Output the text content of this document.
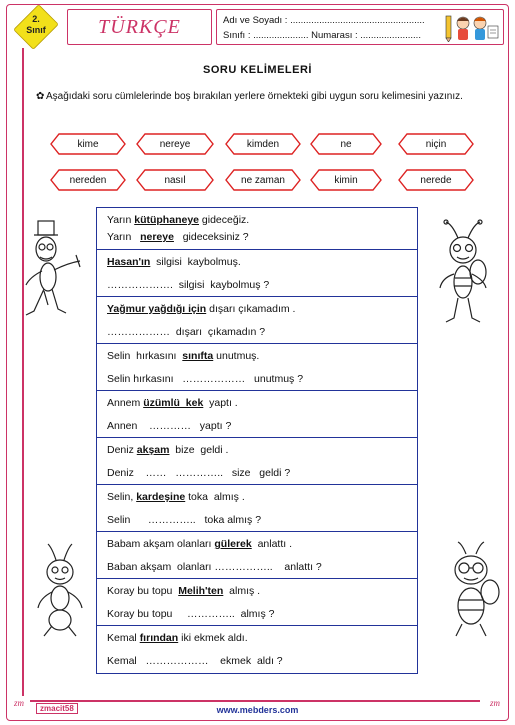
2.
Sınıf	TÜRKÇE	Adı ve Soyadı : ...................................................
Sınıfı : ..................... Numarası : .......................
SORU KELİMELERİ
✿ Aşağıdaki soru cümlelerinde boş bırakılan yerlere örnekteki gibi uygun soru kelimesini yazınız.
kime	nereye	kimden	ne	niçin
nereden	nasıl	ne zaman	kimin	nerede
Yarın kütüphaneye gideceğiz.
Yarın   nereye   gideceksiniz ?
Hasan'ın  silgisi  kaybolmuş.
……………….  silgisi  kaybolmuş ?
Yağmur yağdığı için dışarı çıkamadım .
………………  dışarı  çıkamadın ?
Selin  hırkasını  sınıfta unutmuş.
Selin hırkasını   ………………   unutmuş ?
Annem üzümlü  kek  yaptı .
Annen    …………   yaptı ?
Deniz akşam  bize  geldi .
Deniz    ……   …………..   size   geldi ?
Selin, kardeşine toka  almış .
Selin      …………..   toka almış ?
Babam akşam olanları gülerek  anlattı .
Baban akşam  olanları ……………..    anlattı ?
Koray bu topu  Melih'ten  almış .
Koray bu topu     …………..  almış ?
Kemal fırından iki ekmek aldı.
Kemal   ………………    ekmek  aldı ?
zmacit58	www.mebders.com
zm	zm
